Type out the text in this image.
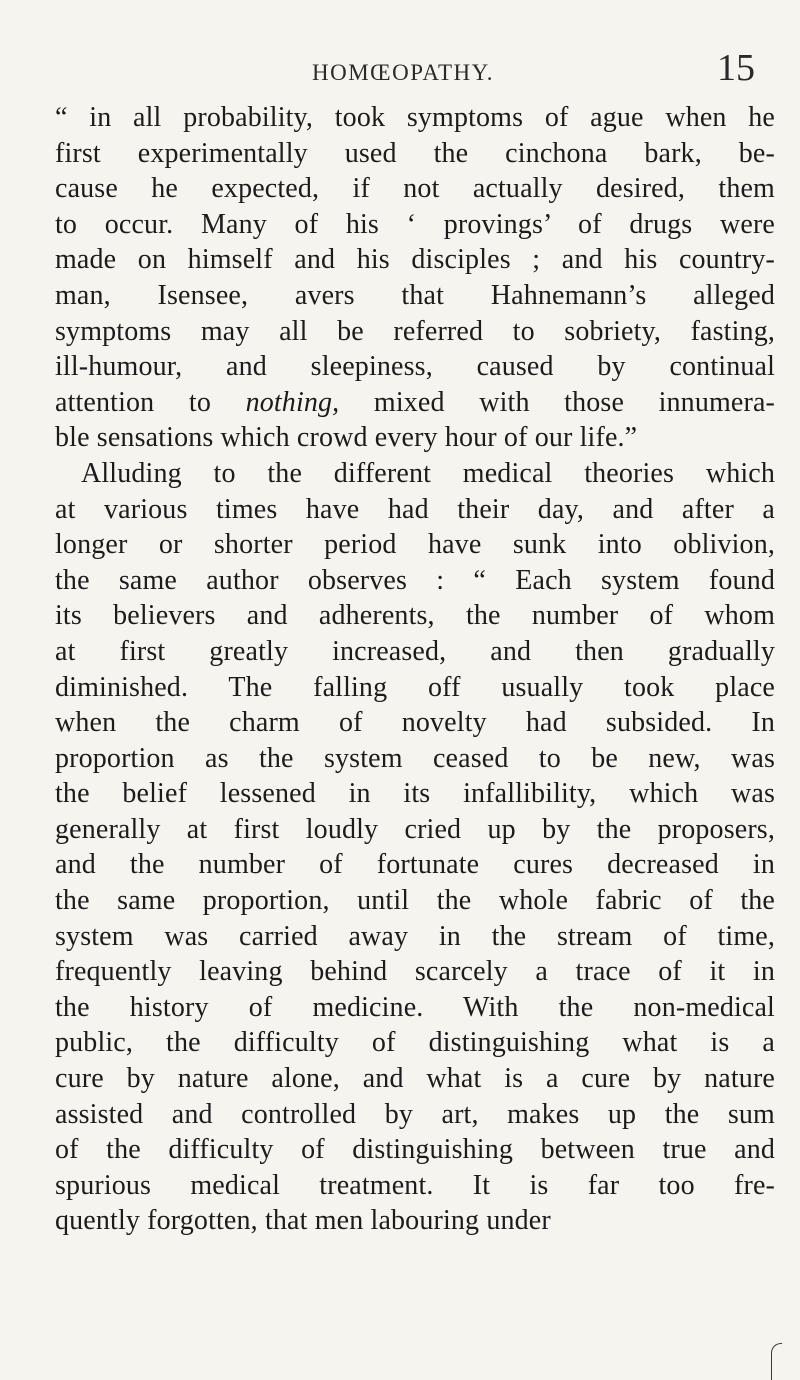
HOMŒOPATHY.	15
“ in all probability, took symptoms of ague when he
first experimentally used the cinchona bark, be-
cause he expected, if not actually desired, them
to occur. Many of his ‘ provings’ of drugs were
made on himself and his disciples ; and his country-
man, Isensee, avers that Hahnemann’s alleged
symptoms may all be referred to sobriety, fasting,
ill-humour, and sleepiness, caused by continual
attention to nothing, mixed with those innumera-
ble sensations which crowd every hour of our life.”
Alluding to the different medical theories which
at various times have had their day, and after a
longer or shorter period have sunk into oblivion,
the same author observes : “ Each system found
its believers and adherents, the number of whom
at first greatly increased, and then gradually
diminished. The falling off usually took place
when the charm of novelty had subsided. In
proportion as the system ceased to be new, was
the belief lessened in its infallibility, which was
generally at first loudly cried up by the proposers,
and the number of fortunate cures decreased in
the same proportion, until the whole fabric of the
system was carried away in the stream of time,
frequently leaving behind scarcely a trace of it in
the history of medicine. With the non-medical
public, the difficulty of distinguishing what is a
cure by nature alone, and what is a cure by nature
assisted and controlled by art, makes up the sum
of the difficulty of distinguishing between true and
spurious medical treatment. It is far too fre-
quently forgotten, that men labouring under
